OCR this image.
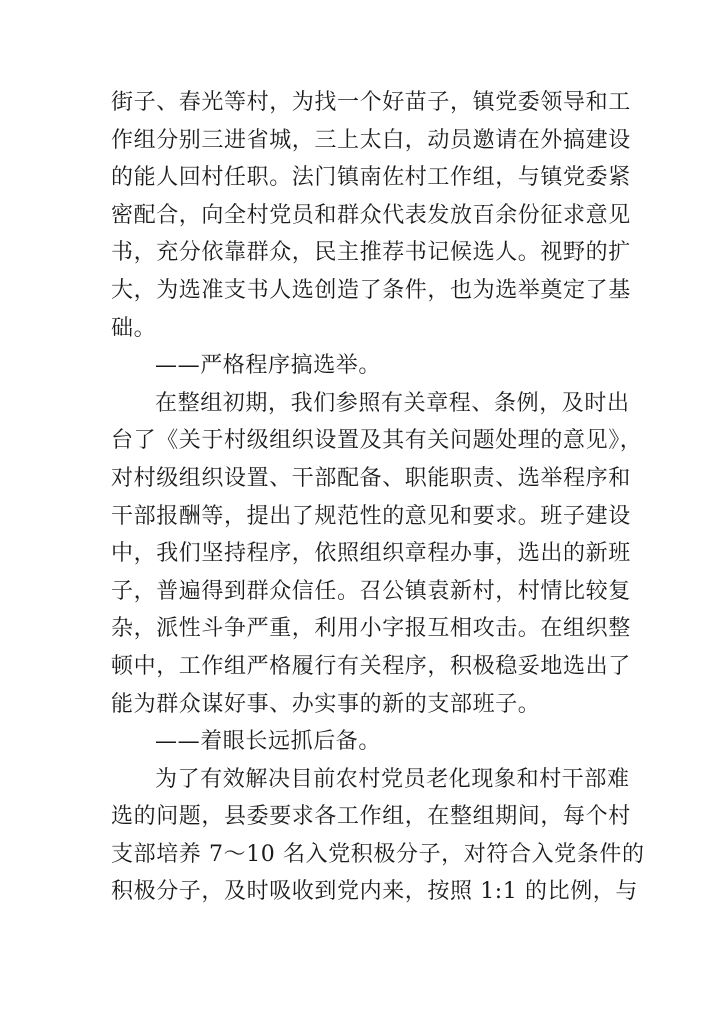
街子、春光等村，为找一个好苗子，镇党委领导和工
作组分别三进省城，三上太白，动员邀请在外搞建设
的能人回村任职。法门镇南佐村工作组，与镇党委紧
密配合，向全村党员和群众代表发放百余份征求意见
书，充分依靠群众，民主推荐书记候选人。视野的扩
大，为选准支书人选创造了条件，也为选举奠定了基
础。
——严格程序搞选举。
在整组初期，我们参照有关章程、条例，及时出
台了《关于村级组织设置及其有关问题处理的意见》，
对村级组织设置、干部配备、职能职责、选举程序和
干部报酬等，提出了规范性的意见和要求。班子建设
中，我们坚持程序，依照组织章程办事，选出的新班
子，普遍得到群众信任。召公镇袁新村，村情比较复
杂，派性斗争严重，利用小字报互相攻击。在组织整
顿中，工作组严格履行有关程序，积极稳妥地选出了
能为群众谋好事、办实事的新的支部班子。
——着眼长远抓后备。
为了有效解决目前农村党员老化现象和村干部难
选的问题，县委要求各工作组，在整组期间，每个村
支部培养 7～10 名入党积极分子，对符合入党条件的
积极分子，及时吸收到党内来，按照 1:1 的比例，与
